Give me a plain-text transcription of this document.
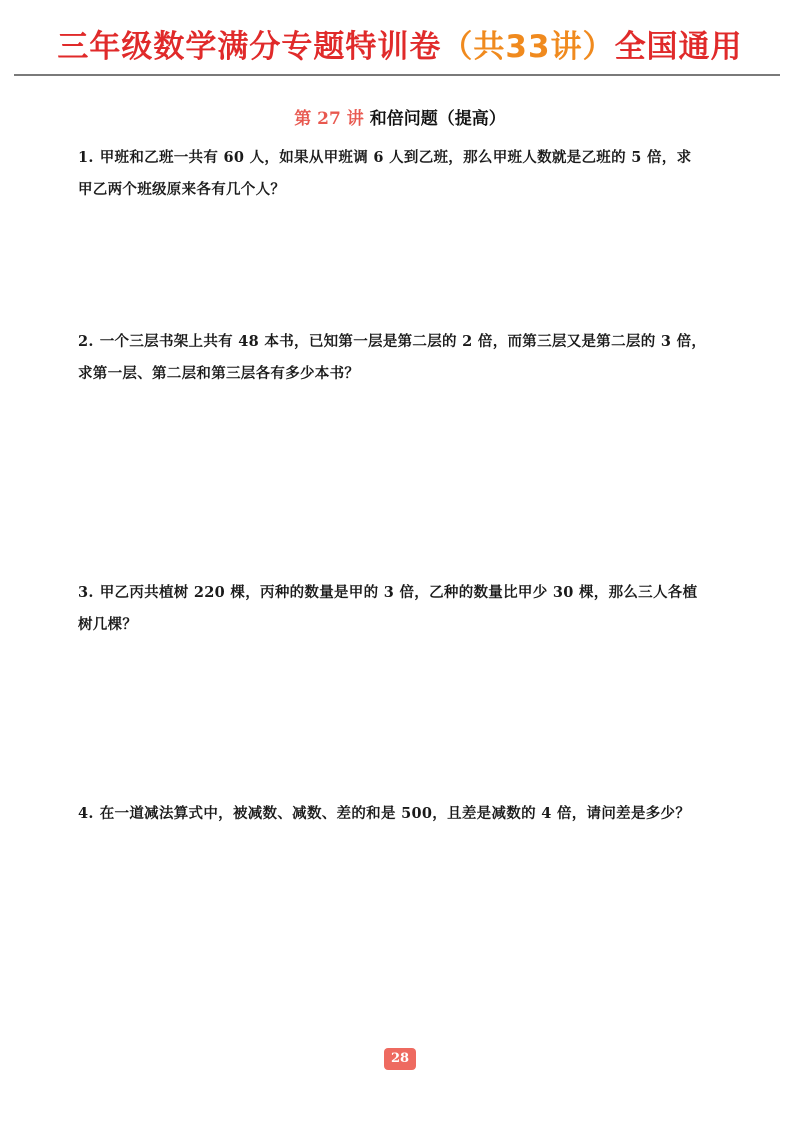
三年级数学满分专题特训卷（共33讲）全国通用
第 27 讲 和倍问题（提高）
1. 甲班和乙班一共有 60 人，如果从甲班调 6 人到乙班，那么甲班人数就是乙班的 5 倍，求
甲乙两个班级原来各有几个人？
2. 一个三层书架上共有 48 本书，已知第一层是第二层的 2 倍，而第三层又是第二层的 3 倍，
求第一层、第二层和第三层各有多少本书？
3. 甲乙丙共植树 220 棵，丙种的数量是甲的 3 倍，乙种的数量比甲少 30 棵，那么三人各植
树几棵？
4. 在一道减法算式中，被减数、减数、差的和是 500，且差是减数的 4 倍，请问差是多少？
28
